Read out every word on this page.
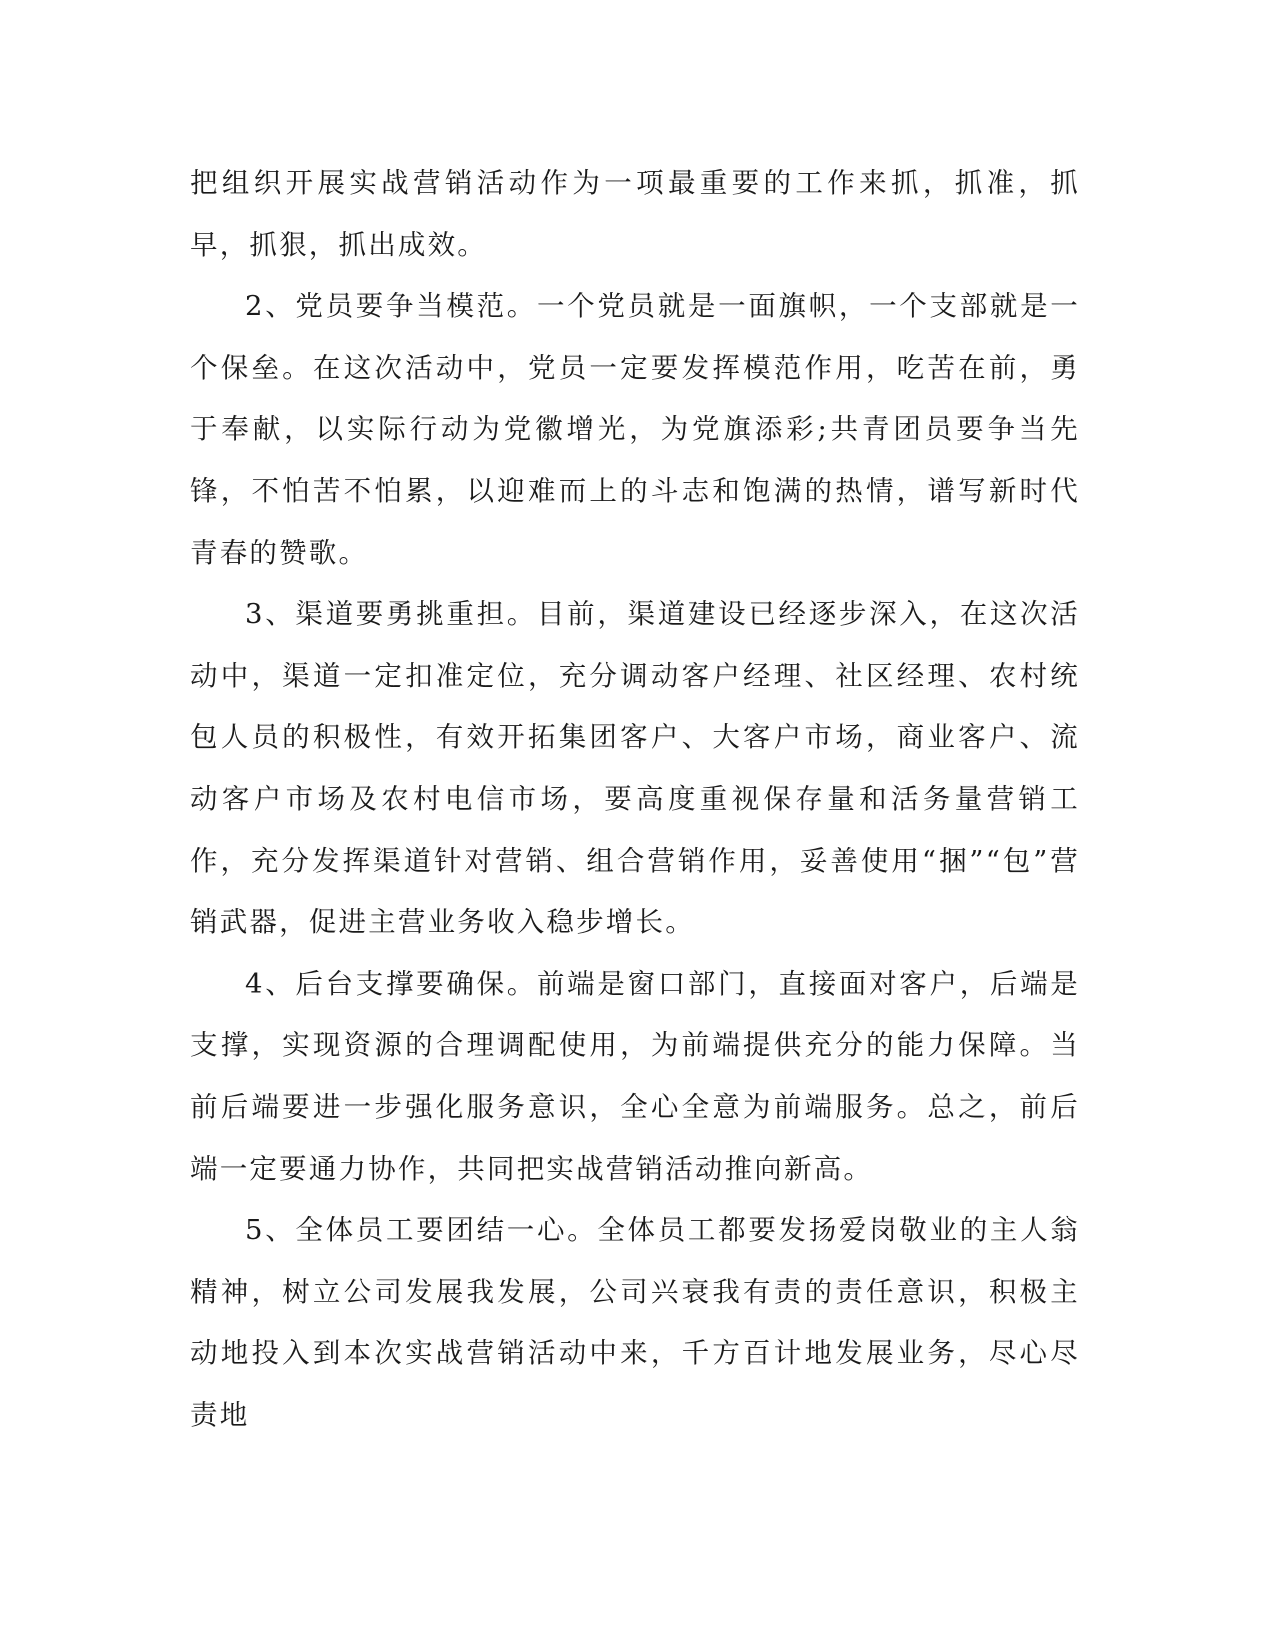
把组织开展实战营销活动作为一项最重要的工作来抓，抓准，抓早，抓狠，抓出成效。

2、党员要争当模范。一个党员就是一面旗帜，一个支部就是一个保垒。在这次活动中，党员一定要发挥模范作用，吃苦在前，勇于奉献，以实际行动为党徽增光，为党旗添彩;共青团员要争当先锋，不怕苦不怕累，以迎难而上的斗志和饱满的热情，谱写新时代青春的赞歌。

3、渠道要勇挑重担。目前，渠道建设已经逐步深入，在这次活动中，渠道一定扣准定位，充分调动客户经理、社区经理、农村统包人员的积极性，有效开拓集团客户、大客户市场，商业客户、流动客户市场及农村电信市场，要高度重视保存量和活务量营销工作，充分发挥渠道针对营销、组合营销作用，妥善使用“捆”“包”营销武器，促进主营业务收入稳步增长。

4、后台支撑要确保。前端是窗口部门，直接面对客户，后端是支撑，实现资源的合理调配使用，为前端提供充分的能力保障。当前后端要进一步强化服务意识，全心全意为前端服务。总之，前后端一定要通力协作，共同把实战营销活动推向新高。

5、全体员工要团结一心。全体员工都要发扬爱岗敬业的主人翁精神，树立公司发展我发展，公司兴衰我有责的责任意识，积极主动地投入到本次实战营销活动中来，千方百计地发展业务，尽心尽责地
